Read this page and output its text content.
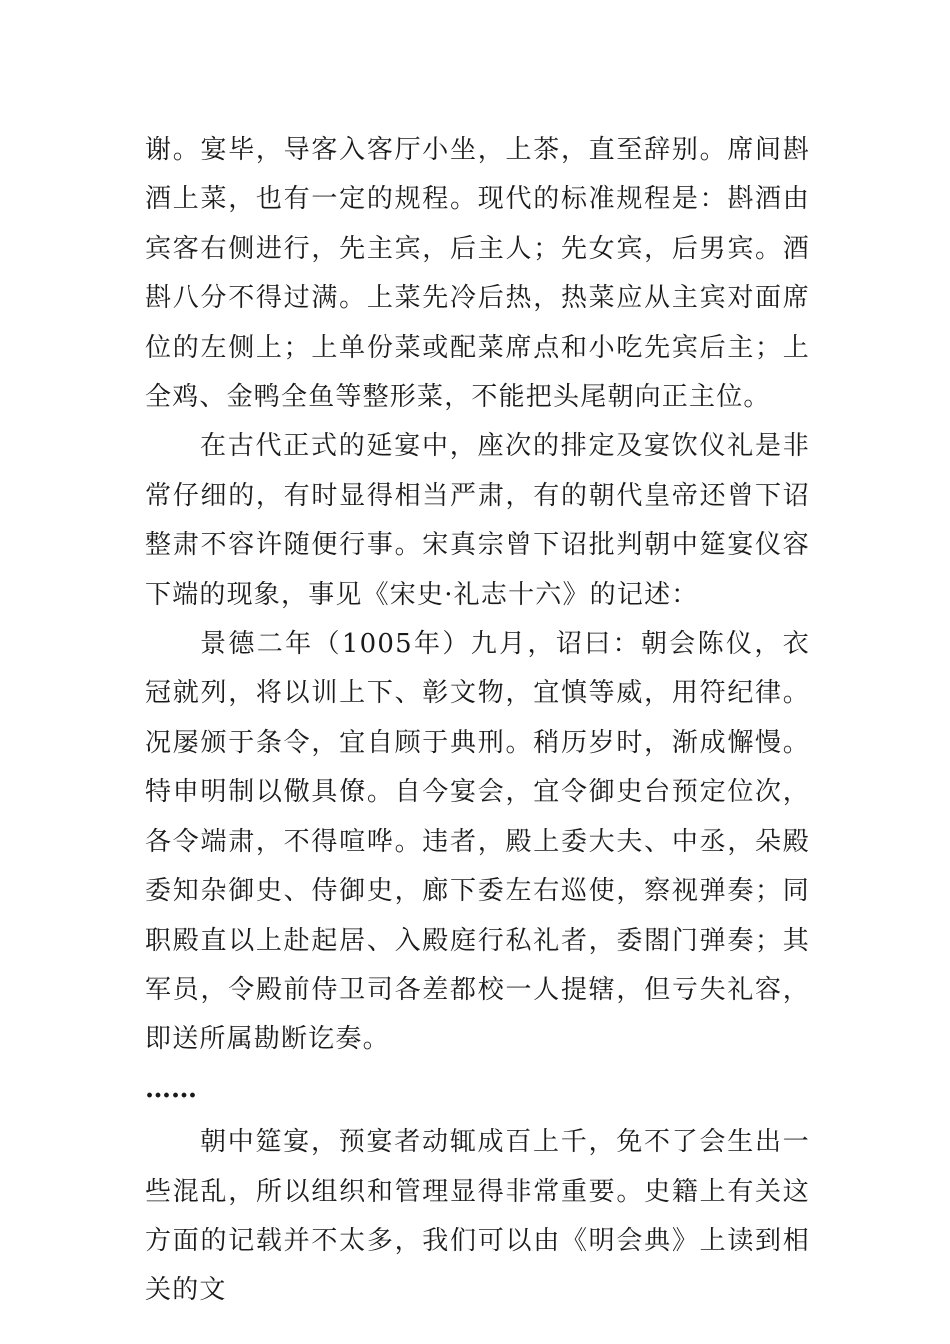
谢。宴毕，导客入客厅小坐，上茶，直至辞别。席间斟酒上菜，也有一定的规程。现代的标准规程是：斟酒由宾客右侧进行，先主宾，后主人；先女宾，后男宾。酒斟八分不得过满。上菜先冷后热，热菜应从主宾对面席位的左侧上；上单份菜或配菜席点和小吃先宾后主；上全鸡、金鸭全鱼等整形菜，不能把头尾朝向正主位。

在古代正式的延宴中，座次的排定及宴饮仪礼是非常仔细的，有时显得相当严肃，有的朝代皇帝还曾下诏整肃不容许随便行事。宋真宗曾下诏批判朝中筵宴仪容下端的现象，事见《宋史·礼志十六》的记述：

景德二年（1005年）九月，诏曰：朝会陈仪，衣冠就列，将以训上下、彰文物，宜慎等威，用符纪律。况屡颁于条令，宜自顾于典刑。稍历岁时，渐成懈慢。特申明制以儆具僚。自今宴会，宜令御史台预定位次，各令端肃，不得喧哗。违者，殿上委大夫、中丞，朵殿委知杂御史、侍御史，廊下委左右巡使，察视弹奏；同职殿直以上赴起居、入殿庭行私礼者，委閤门弹奏；其军员，令殿前侍卫司各差都校一人提辖，但亏失礼容，即送所属勘断讫奏。

……

朝中筵宴，预宴者动辄成百上千，免不了会生出一些混乱，所以组织和管理显得非常重要。史籍上有关这方面的记载并不太多，我们可以由《明会典》上读到相关的文
